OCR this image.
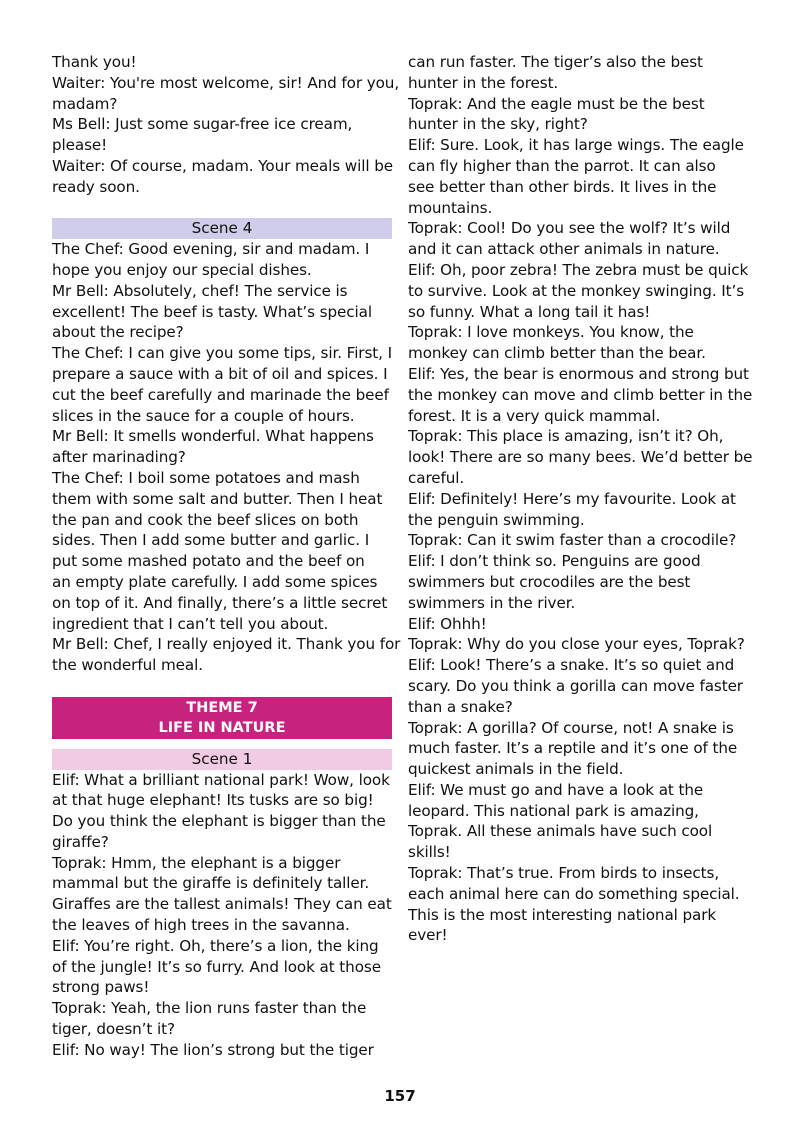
Thank you!
Waiter: You're most welcome, sir! And for you,
madam?
Ms Bell: Just some sugar-free ice cream,
please!
Waiter: Of course, madam. Your meals will be
ready soon.
Scene 4
The Chef: Good evening, sir and madam. I
hope you enjoy our special dishes.
Mr Bell: Absolutely, chef! The service is
excellent! The beef is tasty. What’s special
about the recipe?
The Chef: I can give you some tips, sir. First, I
prepare a sauce with a bit of oil and spices. I
cut the beef carefully and marinade the beef
slices in the sauce for a couple of hours.
Mr Bell: It smells wonderful. What happens
after marinading?
The Chef: I boil some potatoes and mash
them with some salt and butter. Then I heat
the pan and cook the beef slices on both
sides. Then I add some butter and garlic. I
put some mashed potato and the beef on
an empty plate carefully. I add some spices
on top of it. And finally, there’s a little secret
ingredient that I can’t tell you about.
Mr Bell: Chef, I really enjoyed it. Thank you for
the wonderful meal.
THEME 7
LIFE IN NATURE
Scene 1
Elif: What a brilliant national park! Wow, look
at that huge elephant! Its tusks are so big!
Do you think the elephant is bigger than the
giraffe?
Toprak: Hmm, the elephant is a bigger
mammal but the giraffe is definitely taller.
Giraffes are the tallest animals! They can eat
the leaves of high trees in the savanna.
Elif: You’re right. Oh, there’s a lion, the king
of the jungle! It’s so furry. And look at those
strong paws!
Toprak: Yeah, the lion runs faster than the
tiger, doesn’t it?
Elif: No way! The lion’s strong but the tiger
can run faster. The tiger’s also the best
hunter in the forest.
Toprak: And the eagle must be the best
hunter in the sky, right?
Elif: Sure. Look, it has large wings. The eagle
can fly higher than the parrot. It can also
see better than other birds. It lives in the
mountains.
Toprak: Cool! Do you see the wolf? It’s wild
and it can attack other animals in nature.
Elif: Oh, poor zebra! The zebra must be quick
to survive. Look at the monkey swinging. It’s
so funny. What a long tail it has!
Toprak: I love monkeys. You know, the
monkey can climb better than the bear.
Elif: Yes, the bear is enormous and strong but
the monkey can move and climb better in the
forest. It is a very quick mammal.
Toprak: This place is amazing, isn’t it? Oh,
look! There are so many bees. We’d better be
careful.
Elif: Definitely! Here’s my favourite. Look at
the penguin swimming.
Toprak: Can it swim faster than a crocodile?
Elif: I don’t think so. Penguins are good
swimmers but crocodiles are the best
swimmers in the river.
Elif: Ohhh!
Toprak: Why do you close your eyes, Toprak?
Elif: Look! There’s a snake. It’s so quiet and
scary. Do you think a gorilla can move faster
than a snake?
Toprak: A gorilla? Of course, not! A snake is
much faster. It’s a reptile and it’s one of the
quickest animals in the field.
Elif: We must go and have a look at the
leopard. This national park is amazing,
Toprak. All these animals have such cool
skills!
Toprak: That’s true. From birds to insects,
each animal here can do something special.
This is the most interesting national park
ever!
157
